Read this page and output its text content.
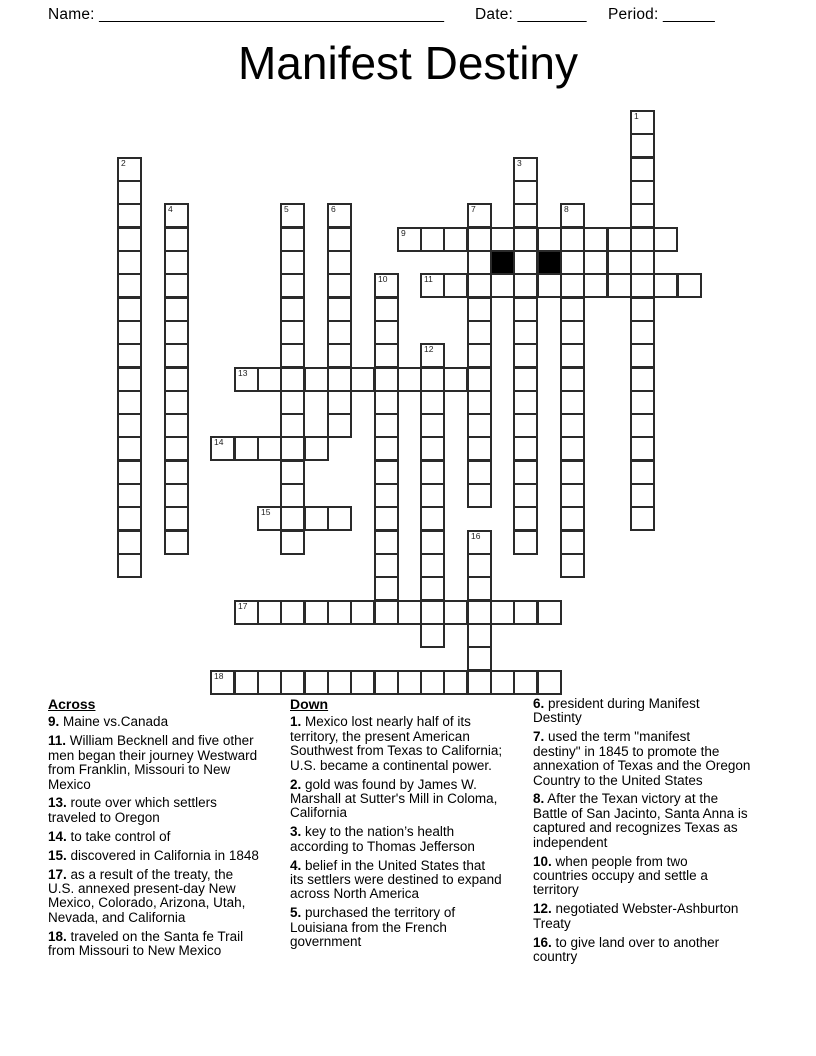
Name: ________________________________________ Date: ________ Period: ______
Manifest Destiny
1
2	3
4	5	6	7	8
10
12
16
9
11
13
14
15
17
18

Across

9. Maine vs.Canada

11. William Becknell and five other
men began their journey Westward
from Franklin, Missouri to New
Mexico

13. route over which settlers
traveled to Oregon

14. to take control of

15. discovered in California in 1848

17. as a result of the treaty, the
U.S. annexed present-day New
Mexico, Colorado, Arizona, Utah,
Nevada, and California

18. traveled on the Santa fe Trail
from Missouri to New Mexico

Down

1. Mexico lost nearly half of its
territory, the present American
Southwest from Texas to California;
U.S. became a continental power.

2. gold was found by James W.
Marshall at Sutter's Mill in Coloma,
California

3. key to the nation’s health
according to Thomas Jefferson

4. belief in the United States that
its settlers were destined to expand
across North America

5. purchased the territory of
Louisiana from the French
government

6. president during Manifest
Destinty

7. used the term "manifest
destiny" in 1845 to promote the
annexation of Texas and the Oregon
Country to the United States

8. After the Texan victory at the
Battle of San Jacinto, Santa Anna is
captured and recognizes Texas as
independent

10. when people from two
countries occupy and settle a
territory

12. negotiated Webster-Ashburton
Treaty

16. to give land over to another
country
